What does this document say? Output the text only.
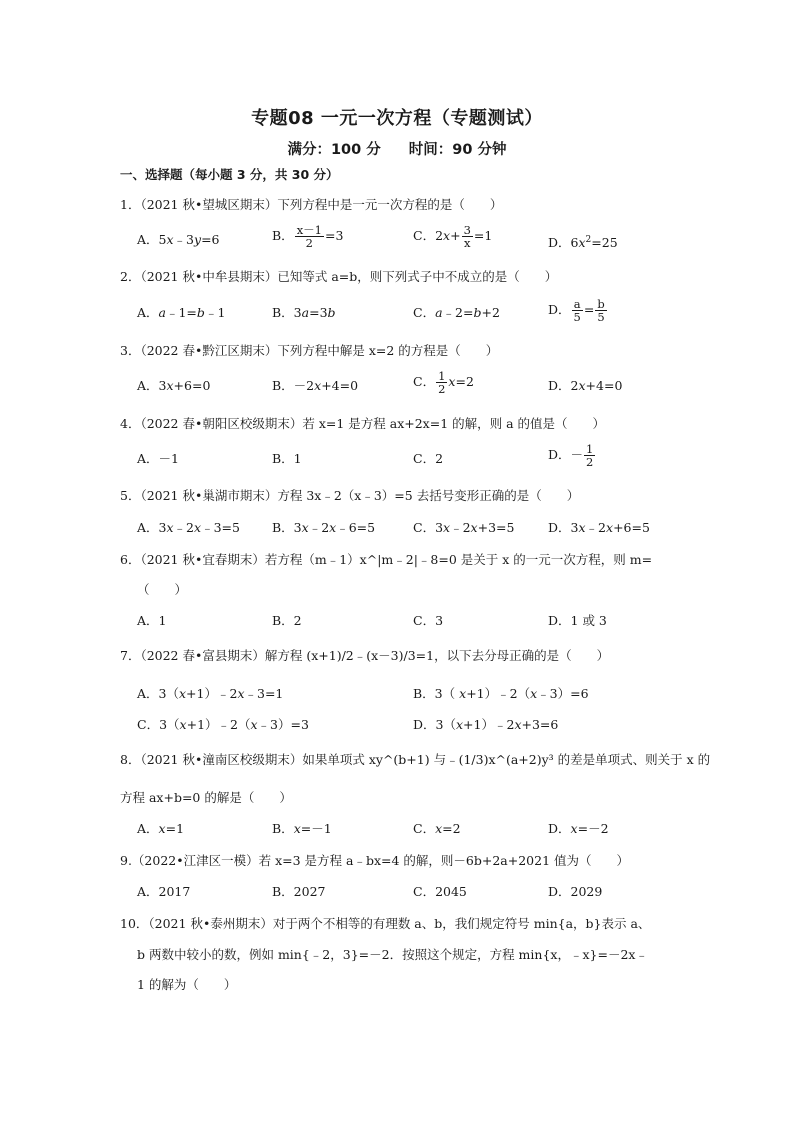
专题08 一元一次方程（专题测试）
满分：100 分 时间：90 分钟
一、选择题（每小题 3 分，共 30 分）
1．（2021 秋•望城区期末）下列方程中是一元一次方程的是（　　）
A．5x﹣3y=6	B． $\frac{x-1}{2} =3$	C．$2x+ \frac{3}{x} =1$	D．$6x^2=25$
2．（2021 秋•中牟县期末）已知等式 a=b，则下列式子中不成立的是（　　）
A．a﹣1=b﹣1	B．3a=3b	C．a﹣2=b+2	D． $\frac{a}{5} = \frac{b}{5}$
3．（2022 春•黔江区期末）下列方程中解是 x=2 的方程是（　　）
A．3x+6=0	B．－2x+4=0	C． $\frac{1}{2} x=2$	D．2x+4=0
4．（2022 春•朝阳区校级期末）若 x=1 是方程 ax+2x=1 的解，则 a 的值是（　　）
A．－1	B．1	C．2	D．－ $\frac{1}{2}$
5．（2021 秋•巢湖市期末）方程 3x﹣2（x﹣3）=5 去括号变形正确的是（　　）
A．3x﹣2x﹣3=5	B．3x﹣2x﹣6=5	C．3x﹣2x+3=5	D．3x﹣2x+6=5
6．（2021 秋•宜春期末）若方程（m﹣1）x^|m﹣2|﹣8=0 是关于 x 的一元一次方程，则 m=
（　　）
A．1	B．2	C．3	D．1 或 3
7．（2022 春•富县期末）解方程 (x+1)/2﹣(x－3)/3=1，以下去分母正确的是（　　）
A．3（x+1）﹣2x﹣3=1	B．3（ x+1）﹣2（x﹣3）=6
C．3（x+1）﹣2（x﹣3）=3	D．3（x+1）﹣2x+3=6
8．（2021 秋•潼南区校级期末）如果单项式 xy^(b+1) 与﹣(1/3)x^(a+2)y³ 的差是单项式、则关于 x 的
方程 ax+b=0 的解是（　　）
A．x=1	B．x=－1	C．x=2	D．x=－2
9.（2022•江津区一模）若 x=3 是方程 a﹣bx=4 的解，则－6b+2a+2021 值为（　　）
A．2017	B．2027	C．2045	D．2029
10．（2021 秋•泰州期末）对于两个不相等的有理数 a、b，我们规定符号 min{a，b}表示 a、
b 两数中较小的数，例如 min{﹣2，3}=－2．按照这个规定，方程 min{x，﹣x}=－2x﹣
1 的解为（　　）
